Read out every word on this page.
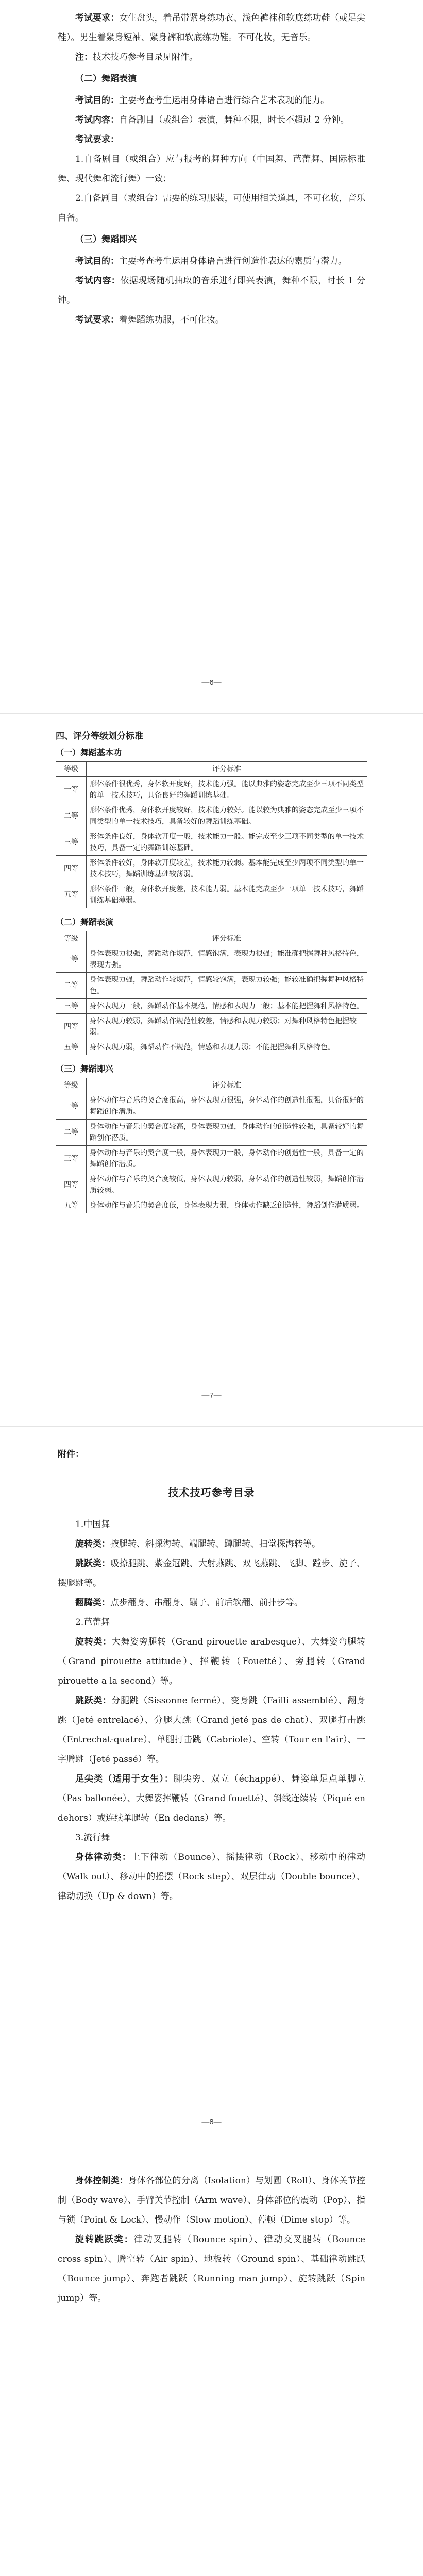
考试要求：女生盘头，着吊带紧身练功衣、浅色裤袜和软底练功鞋（或足尖鞋）。男生着紧身短袖、紧身裤和软底练功鞋。不可化妆，无音乐。

注：技术技巧参考目录见附件。

（二）舞蹈表演

考试目的：主要考查考生运用身体语言进行综合艺术表现的能力。

考试内容：自备剧目（或组合）表演，舞种不限，时长不超过 2 分钟。

考试要求：

1.自备剧目（或组合）应与报考的舞种方向（中国舞、芭蕾舞、国际标准舞、现代舞和流行舞）一致；

2.自备剧目（或组合）需要的练习服装，可使用相关道具，不可化妆，音乐自备。

（三）舞蹈即兴

考试目的：主要考查考生运用身体语言进行创造性表达的素质与潜力。

考试内容：依据现场随机抽取的音乐进行即兴表演，舞种不限，时长 1 分钟。

考试要求：着舞蹈练功服，不可化妆。

—6—

四、评分等级划分标准

（一）舞蹈基本功

等级	评分标准
一等	形体条件很优秀，身体软开度好，技术能力强。能以典雅的姿态完成至少三项不同类型的单一技术技巧，具备良好的舞蹈训练基础。
二等	形体条件优秀，身体软开度较好，技术能力较好。能以较为典雅的姿态完成至少三项不同类型的单一技术技巧，具备较好的舞蹈训练基础。
三等	形体条件良好，身体软开度一般，技术能力一般。能完成至少三项不同类型的单一技术技巧，具备一定的舞蹈训练基础。
四等	形体条件较好，身体软开度较差，技术能力较弱。基本能完成至少两项不同类型的单一技术技巧，舞蹈训练基础较薄弱。
五等	形体条件一般，身体软开度差，技术能力弱。基本能完成至少一项单一技术技巧，舞蹈训练基础薄弱。

（二）舞蹈表演

等级	评分标准
一等	身体表现力很强，舞蹈动作规范，情感饱满，表现力很强；能准确把握舞种风格特色，表现力强。
二等	身体表现力强，舞蹈动作较规范，情感较饱满，表现力较强；能较准确把握舞种风格特色。
三等	身体表现力一般，舞蹈动作基本规范，情感和表现力一般；基本能把握舞种风格特色。
四等	身体表现力较弱，舞蹈动作规范性较差，情感和表现力较弱；对舞种风格特色把握较弱。
五等	身体表现力弱，舞蹈动作不规范，情感和表现力弱；不能把握舞种风格特色。

（三）舞蹈即兴

等级	评分标准
一等	身体动作与音乐的契合度很高，身体表现力很强，身体动作的创造性很强，具备很好的舞蹈创作潜质。
二等	身体动作与音乐的契合度较高，身体表现力强，身体动作的创造性较强，具备较好的舞蹈创作潜质。
三等	身体动作与音乐的契合度一般，身体表现力一般，身体动作的创造性一般，具备一定的舞蹈创作潜质。
四等	身体动作与音乐的契合度较低，身体表现力较弱，身体动作的创造性较弱，舞蹈创作潜质较弱。
五等	身体动作与音乐的契合度低，身体表现力弱，身体动作缺乏创造性，舞蹈创作潜质弱。
—7—

附件：

技术技巧参考目录

1.中国舞

旋转类：掖腿转、斜探海转、端腿转、蹲腿转、扫堂探海转等。

跳跃类：吸撩腿跳、紫金冠跳、大射燕跳、双飞燕跳、飞脚、蹚步、旋子、摆腿跳等。

翻腾类：点步翻身、串翻身、蹦子、前后软翻、前扑步等。

2.芭蕾舞

旋转类：大舞姿旁腿转（Grand pirouette arabesque）、大舞姿弯腿转（Grand pirouette attitude）、挥鞭转（Fouetté）、旁腿转（Grand pirouette a la second）等。

跳跃类：分腿跳（Sissonne fermé）、变身跳（Failli assemblé）、翻身跳（Jeté entrelacé）、分腿大跳（Grand jeté pas de chat）、双腿打击跳（Entrechat-quatre）、单腿打击跳（Cabriole）、空转（Tour en l'air）、一字腾跳（Jeté passé）等。

足尖类（适用于女生）：脚尖旁、双立（échappé）、舞姿单足点单脚立（Pas ballonée）、大舞姿挥鞭转（Grand fouetté）、斜线连续转（Piqué en dehors）或连续单腿转（En dedans）等。

3.流行舞

身体律动类：上下律动（Bounce）、摇摆律动（Rock）、移动中的律动（Walk out）、移动中的摇摆（Rock step）、双层律动（Double bounce）、律动切换（Up & down）等。

—8—

身体控制类：身体各部位的分离（Isolation）与划圆（Roll）、身体关节控制（Body wave）、手臂关节控制（Arm wave）、身体部位的震动（Pop）、指与锁（Point & Lock）、慢动作（Slow motion）、停顿（Dime stop）等。

旋转跳跃类：律动叉腿转（Bounce spin）、律动交叉腿转（Bounce cross spin）、腾空转（Air spin）、地板转（Ground spin）、基础律动跳跃（Bounce jump）、奔跑者跳跃（Running man jump）、旋转跳跃（Spin jump）等。
